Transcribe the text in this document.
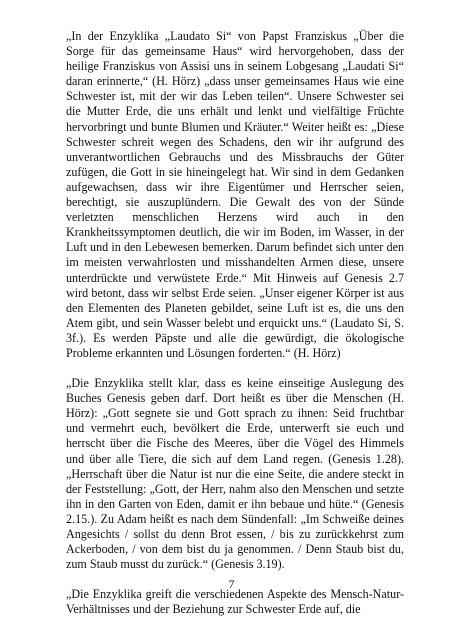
„In der Enzyklika „Laudato Si“ von Papst Franziskus „Über die Sorge für das gemeinsame Haus“ wird hervorgehoben, dass der heilige Franziskus von Assisi uns in seinem Lobgesang „Laudati Si“ daran erinnerte,“ (H. Hörz) „dass unser gemeinsames Haus wie eine Schwester ist, mit der wir das Leben teilen“. Unsere Schwester sei die Mutter Erde, die uns erhält und lenkt und vielfältige Früchte hervorbringt und bunte Blumen und Kräuter.“ Weiter heißt es: „Diese Schwester schreit wegen des Schadens, den wir ihr aufgrund des unverantwortlichen Gebrauchs und des Missbrauchs der Güter zufügen, die Gott in sie hineingelegt hat. Wir sind in dem Gedanken aufgewachsen, dass wir ihre Eigentümer und Herrscher seien, berechtigt, sie auszuplündern. Die Gewalt des von der Sünde verletzten menschlichen Herzens wird auch in den Krankheitssymptomen deutlich, die wir im Boden, im Wasser, in der Luft und in den Lebewesen bemerken. Darum befindet sich unter den im meisten verwahrlosten und misshandelten Armen diese, unsere unterdrückte und verwüstete Erde.“ Mit Hinweis auf Genesis 2.7 wird betont, dass wir selbst Erde seien. „Unser eigener Körper ist aus den Elementen des Planeten gebildet, seine Luft ist es, die uns den Atem gibt, und sein Wasser belebt und erquickt uns.“ (Laudato Si, S. 3f.). Es werden Päpste und alle die gewürdigt, die ökologische Probleme erkannten und Lösungen forderten.“ (H. Hörz)

„Die Enzyklika stellt klar, dass es keine einseitige Auslegung des Buches Genesis geben darf. Dort heißt es über die Menschen (H. Hörz): „Gott segnete sie und Gott sprach zu ihnen: Seid fruchtbar und vermehrt euch, bevölkert die Erde, unterwerft sie euch und herrscht über die Fische des Meeres, über die Vögel des Himmels und über alle Tiere, die sich auf dem Land regen. (Genesis 1.28). „Herrschaft über die Natur ist nur die eine Seite, die andere steckt in der Feststellung: „Gott, der Herr, nahm also den Menschen und setzte ihn in den Garten von Eden, damit er ihn bebaue und hüte.“ (Genesis 2.15.). Zu Adam heißt es nach dem Sündenfall: „Im Schweiße deines Angesichts / sollst du denn Brot essen, / bis zu zurückkehrst zum Ackerboden, / von dem bist du ja genommen. / Denn Staub bist du, zum Staub musst du zurück.“ (Genesis 3.19).

„Die Enzyklika greift die verschiedenen Aspekte des Mensch-Natur-Verhältnisses und der Beziehung zur Schwester Erde auf, die

7
